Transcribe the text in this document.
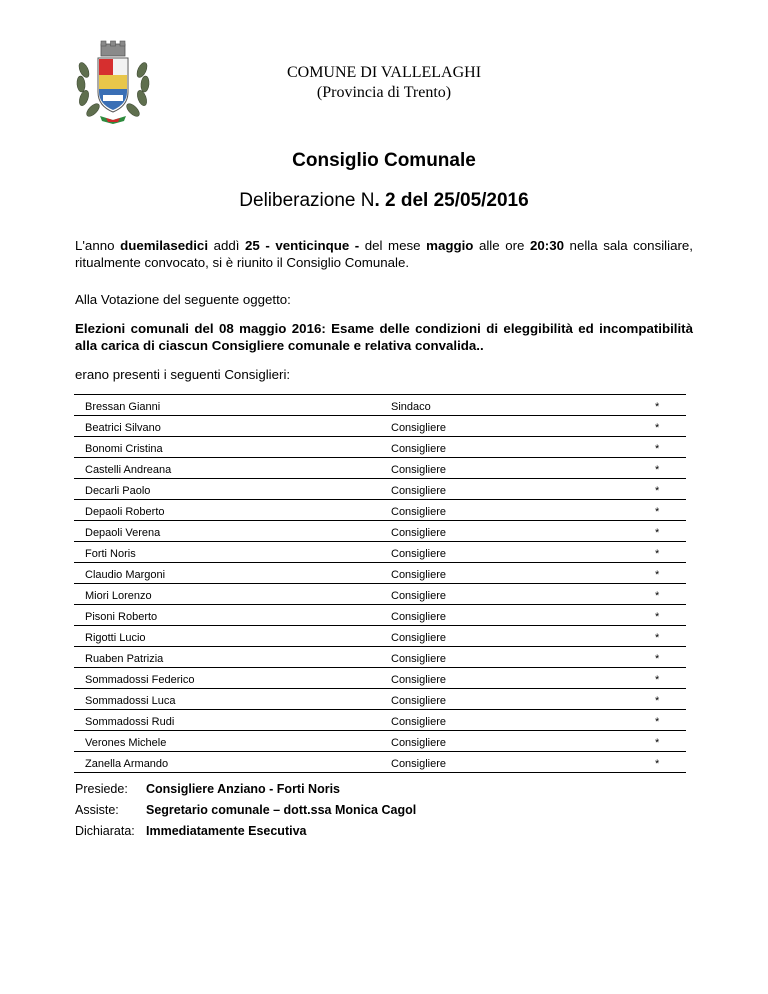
COMUNE DI VALLELAGHI
(Provincia di Trento)
Consiglio Comunale
Deliberazione N. 2 del 25/05/2016
L'anno duemilasedici addì 25 - venticinque - del mese maggio alle ore 20:30 nella sala consiliare, ritualmente convocato, si è riunito il Consiglio Comunale.
Alla Votazione del seguente oggetto:
Elezioni comunali del 08 maggio 2016: Esame delle condizioni di eleggibilità ed incompatibilità alla carica di ciascun Consigliere comunale e relativa convalida..
erano presenti i seguenti Consiglieri:
Bressan Gianni	Sindaco	*
Beatrici Silvano	Consigliere	*
Bonomi Cristina	Consigliere	*
Castelli Andreana	Consigliere	*
Decarli Paolo	Consigliere	*
Depaoli Roberto	Consigliere	*
Depaoli Verena	Consigliere	*
Forti Noris	Consigliere	*
Claudio Margoni	Consigliere	*
Miori Lorenzo	Consigliere	*
Pisoni Roberto	Consigliere	*
Rigotti Lucio	Consigliere	*
Ruaben Patrizia	Consigliere	*
Sommadossi Federico	Consigliere	*
Sommadossi Luca	Consigliere	*
Sommadossi Rudi	Consigliere	*
Verones Michele	Consigliere	*
Zanella Armando	Consigliere	*
Presiede: Consigliere Anziano - Forti Noris
Assiste: Segretario comunale – dott.ssa Monica Cagol
Dichiarata: Immediatamente Esecutiva
